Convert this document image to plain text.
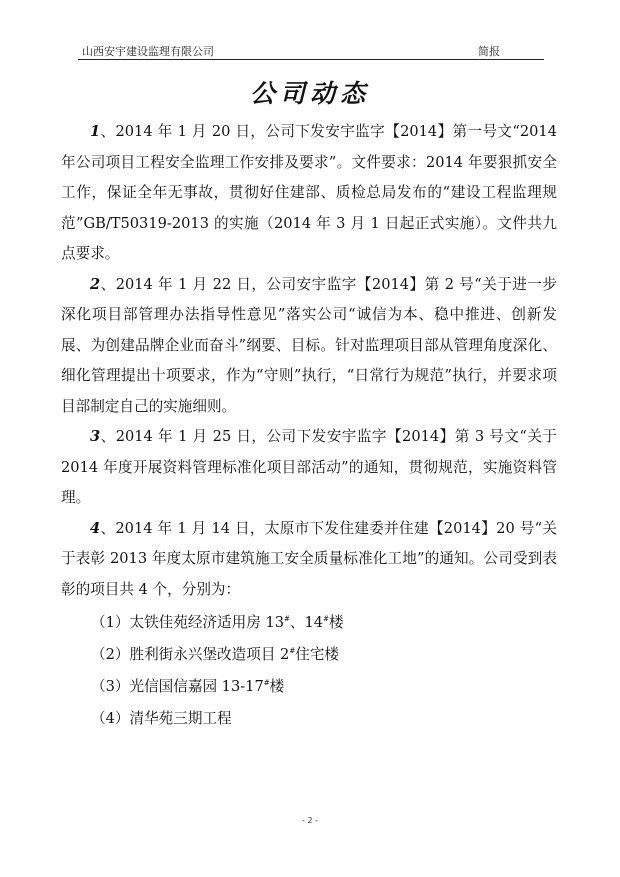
山西安宇建设监理有限公司	简报
公司动态

1、2014 年 1 月 20 日，公司下发安宇监字【2014】第一号文“2014 年公司项目工程安全监理工作安排及要求”。文件要求：2014 年要狠抓安全工作，保证全年无事故，贯彻好住建部、质检总局发布的“建设工程监理规范”GB/T50319-2013 的实施（2014 年 3 月 1 日起正式实施）。文件共九点要求。

2、2014 年 1 月 22 日，公司安宇监字【2014】第 2 号“关于进一步深化项目部管理办法指导性意见”落实公司“诚信为本、稳中推进、创新发展、为创建品牌企业而奋斗”纲要、目标。针对监理项目部从管理角度深化、细化管理提出十项要求，作为“守则”执行，“日常行为规范”执行，并要求项目部制定自己的实施细则。

3、2014 年 1 月 25 日，公司下发安宇监字【2014】第 3 号文“关于 2014 年度开展资料管理标准化项目部活动”的通知，贯彻规范，实施资料管理。

4、2014 年 1 月 14 日，太原市下发住建委并住建【2014】20 号“关于表彰 2013 年度太原市建筑施工安全质量标准化工地”的通知。公司受到表彰的项目共 4 个，分别为：

（1）太铁佳苑经济适用房 13#、14#楼

（2）胜利街永兴堡改造项目 2#住宅楼

（3）光信国信嘉园 13-17#楼

（4）清华苑三期工程

- 2 -
